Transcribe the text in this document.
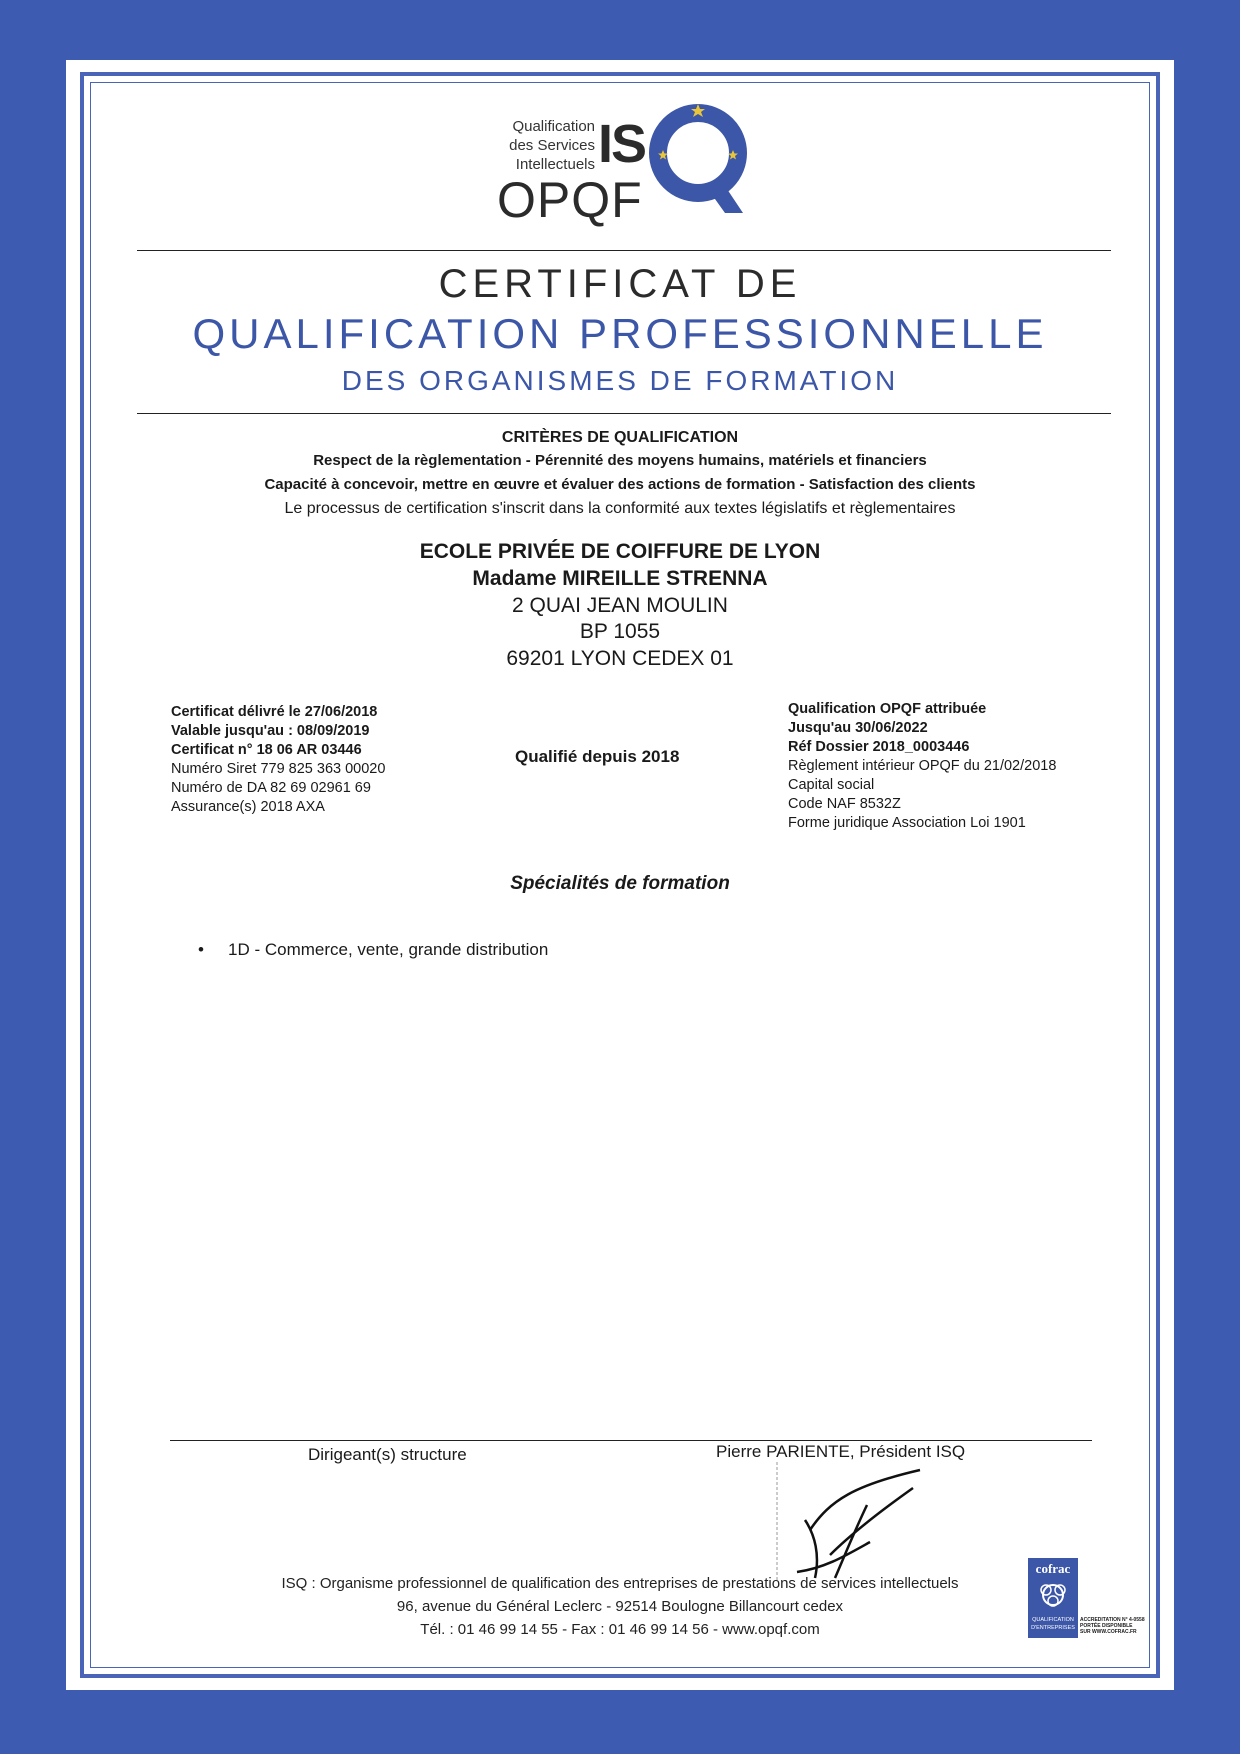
Qualification
des Services
Intellectuels IS
OPQF
CERTIFICAT DE
QUALIFICATION PROFESSIONNELLE
DES ORGANISMES DE FORMATION
CRITÈRES DE QUALIFICATION
Respect de la règlementation - Pérennité des moyens humains, matériels et financiers
Capacité à concevoir, mettre en œuvre et évaluer des actions de formation - Satisfaction des clients
Le processus de certification s'inscrit dans la conformité aux textes législatifs et règlementaires
ECOLE PRIVÉE DE COIFFURE DE LYON
Madame MIREILLE STRENNA
2 QUAI JEAN MOULIN
BP 1055
69201 LYON CEDEX 01
Certificat délivré le 27/06/2018
Valable jusqu'au : 08/09/2019
Certificat n° 18 06 AR 03446
Numéro Siret 779 825 363 00020
Numéro de DA 82 69 02961 69
Assurance(s) 2018 AXA
Qualifié depuis 2018
Qualification OPQF attribuée
Jusqu'au 30/06/2022
Réf Dossier 2018_0003446
Règlement intérieur OPQF du 21/02/2018
Capital social
Code NAF 8532Z
Forme juridique Association Loi 1901
Spécialités de formation
• 1D - Commerce, vente, grande distribution
Dirigeant(s) structure	Pierre PARIENTE, Président ISQ
ISQ : Organisme professionnel de qualification des entreprises de prestations de services intellectuels
96, avenue du Général Leclerc - 92514 Boulogne Billancourt cedex
Tél. : 01 46 99 14 55 - Fax : 01 46 99 14 56 - www.opqf.com
cofrac
QUALIFICATION
D'ENTREPRISES
ACCREDITATION N° 4-0558
PORTÉE DISPONIBLE
SUR WWW.COFRAC.FR
